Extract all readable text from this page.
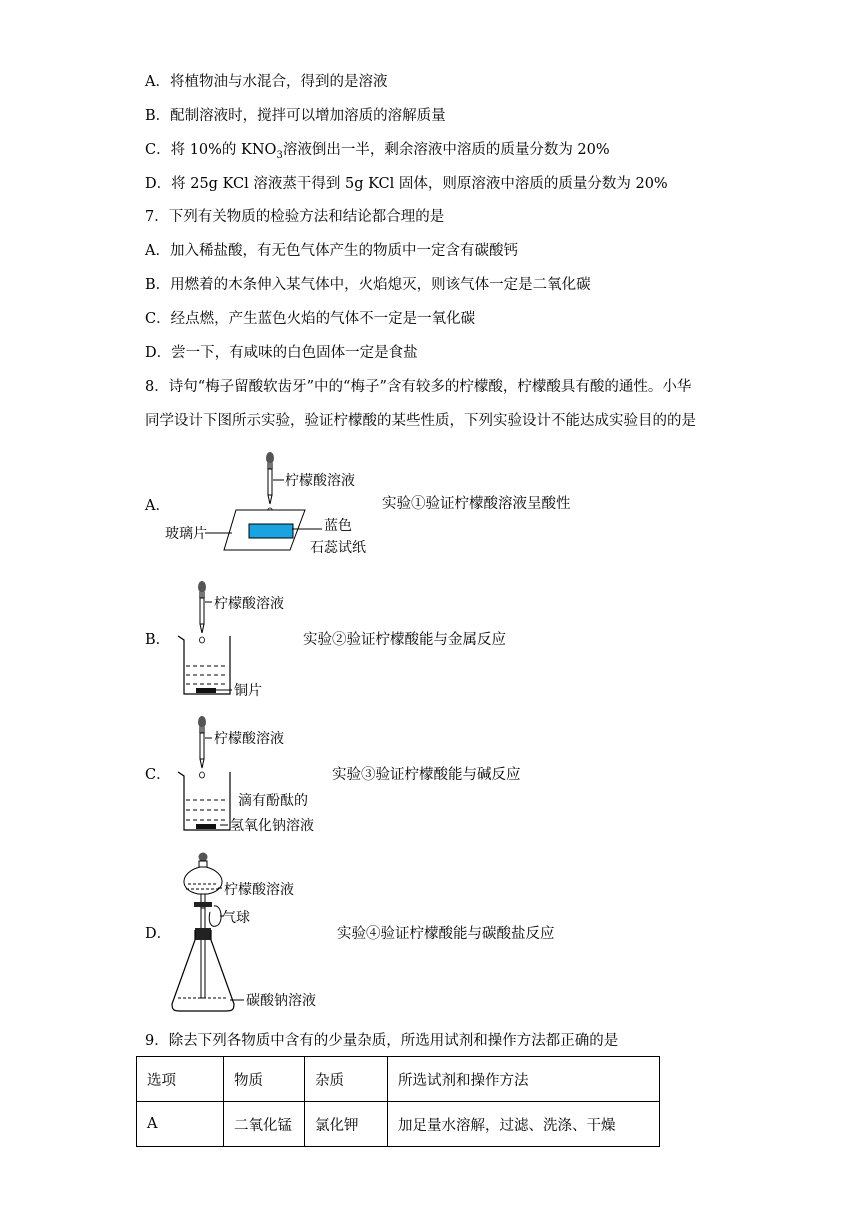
A．将植物油与水混合，得到的是溶液
B．配制溶液时，搅拌可以增加溶质的溶解质量
C．将 10%的 $KNO_3$溶液倒出一半，剩余溶液中溶质的质量分数为 20%
D．将 25g KCl 溶液蒸干得到 5g KCl 固体，则原溶液中溶质的质量分数为 20%
7．下列有关物质的检验方法和结论都合理的是
A．加入稀盐酸，有无色气体产生的物质中一定含有碳酸钙
B．用燃着的木条伸入某气体中，火焰熄灭，则该气体一定是二氧化碳
C．经点燃，产生蓝色火焰的气体不一定是一氧化碳
D．尝一下，有咸味的白色固体一定是食盐
8．诗句“梅子留酸软齿牙”中的“梅子”含有较多的柠檬酸，柠檬酸具有酸的通性。小华
同学设计下图所示实验，验证柠檬酸的某些性质，下列实验设计不能达成实验目的的是
A．
柠檬酸溶液
玻璃片	蓝色
石蕊试纸
实验①验证柠檬酸溶液呈酸性
B．
柠檬酸溶液
铜片
实验②验证柠檬酸能与金属反应
C．
柠檬酸溶液
滴有酚酞的
氢氧化钠溶液
实验③验证柠檬酸能与碱反应
D．
柠檬酸溶液
气球
碳酸钠溶液
实验④验证柠檬酸能与碳酸盐反应
9．除去下列各物质中含有的少量杂质，所选用试剂和操作方法都正确的是
选项	物质	杂质	所选试剂和操作方法
A	二氧化锰	氯化钾	加足量水溶解，过滤、洗涤、干燥
